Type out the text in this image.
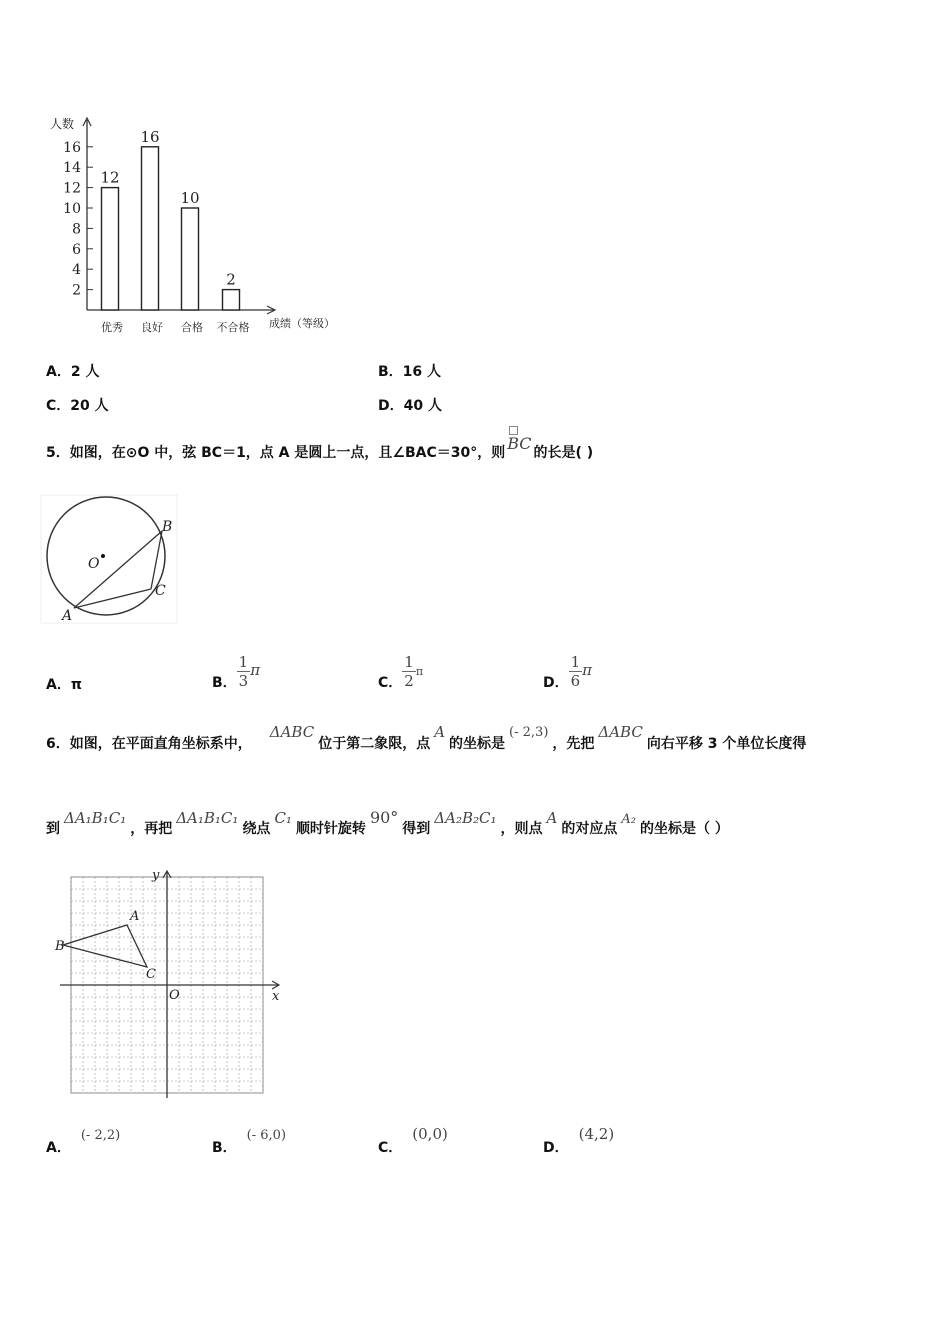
人数
2
4
6
8
10
12
14
16
12
优秀
16
良好
10
合格
2
不合格 成绩（等级）
A．2 人	B．16 人
C．20 人	D．40 人
5．如图，在⊙O 中，弦 BC＝1，点 A 是圆上一点，且∠BAC＝30°，则 BC 的长是( )
O
B
C
A
A．π	B． $\frac{1}{3}$ π
C． $\frac{1}{2}$ π
D． $\frac{1}{6}$ π
6．如图，在平面直角坐标系中，ΔABC位于第二象限，点A的坐标是(- 2,3)，先把ΔABC向右平移 3 个单位长度得
到ΔA₁B₁C₁，再把ΔA₁B₁C₁绕点C₁顺时针旋转90°得到ΔA₂B₂C₁，则点A的对应点A₂的坐标是（ ）
A
B
C
O
y
x
A．(- 2,2)
B．(- 6,0)
C．(0,0)
D．(4,2)
